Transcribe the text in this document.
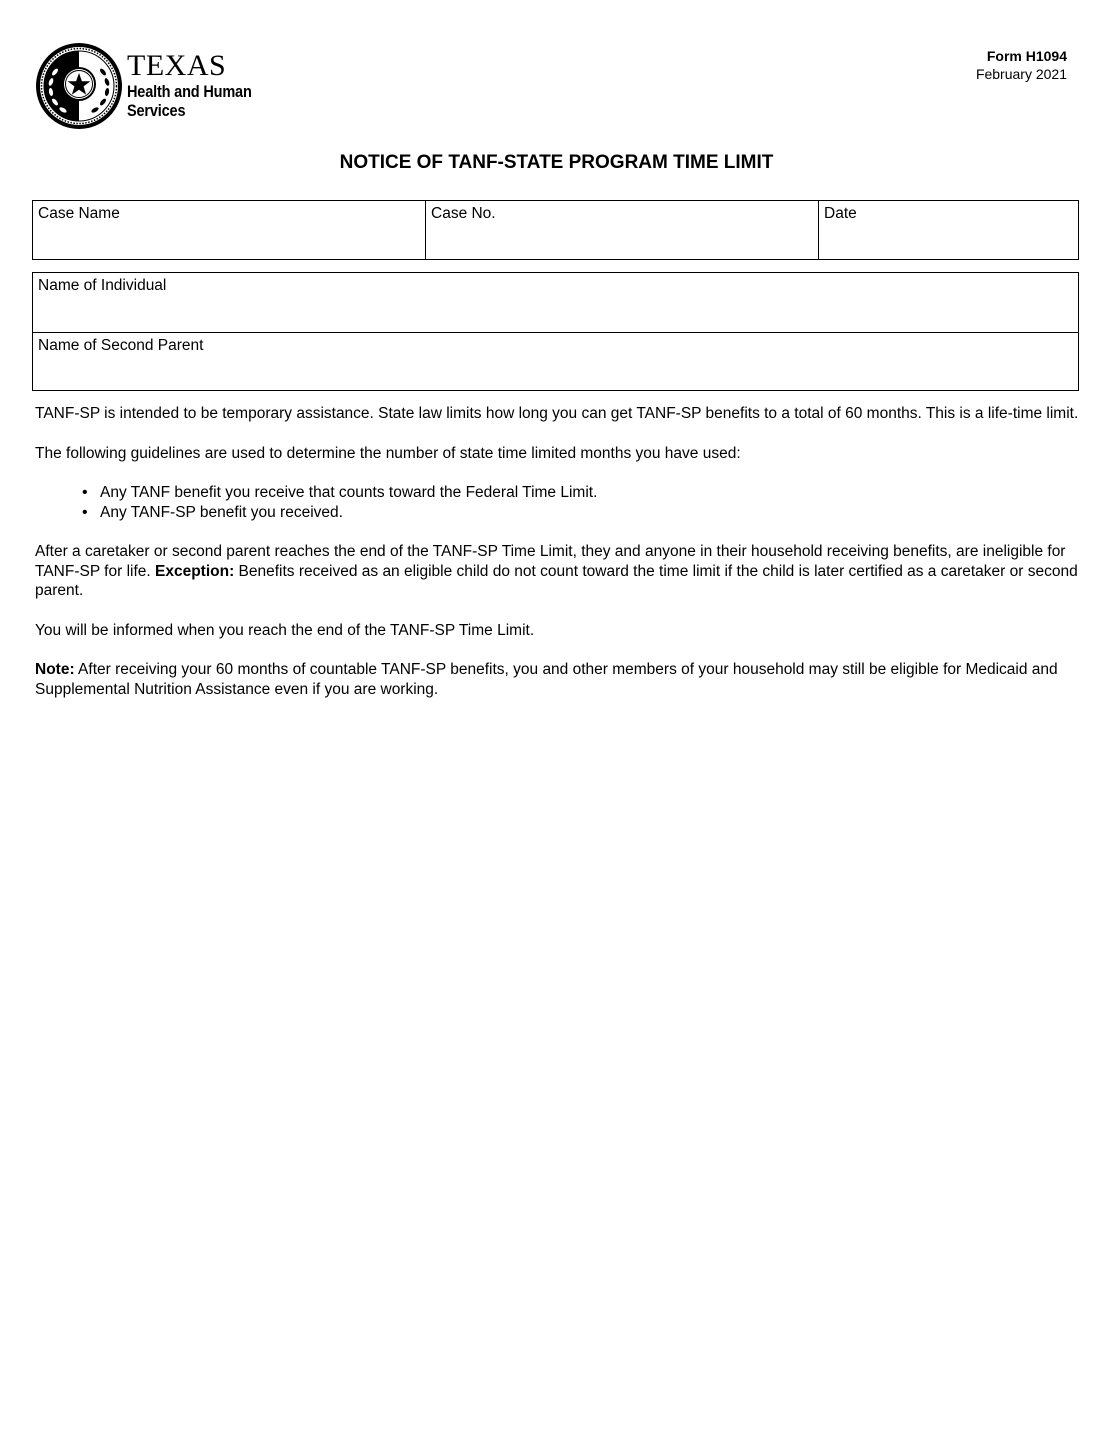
TEXAS
Health and Human
Services
Form H1094
February 2021
NOTICE OF TANF-STATE PROGRAM TIME LIMIT
Case Name	Case No.	Date
Name of Individual
Name of Second Parent

TANF-SP is intended to be temporary assistance. State law limits how long you can get TANF-SP benefits to a total of 60 months. This is a life-time limit.

The following guidelines are used to determine the number of state time limited months you have used:

• Any TANF benefit you receive that counts toward the Federal Time Limit.
• Any TANF-SP benefit you received.

After a caretaker or second parent reaches the end of the TANF-SP Time Limit, they and anyone in their household receiving benefits, are ineligible for TANF-SP for life. Exception: Benefits received as an eligible child do not count toward the time limit if the child is later certified as a caretaker or second parent.

You will be informed when you reach the end of the TANF-SP Time Limit.

Note: After receiving your 60 months of countable TANF-SP benefits, you and other members of your household may still be eligible for Medicaid and Supplemental Nutrition Assistance even if you are working.
